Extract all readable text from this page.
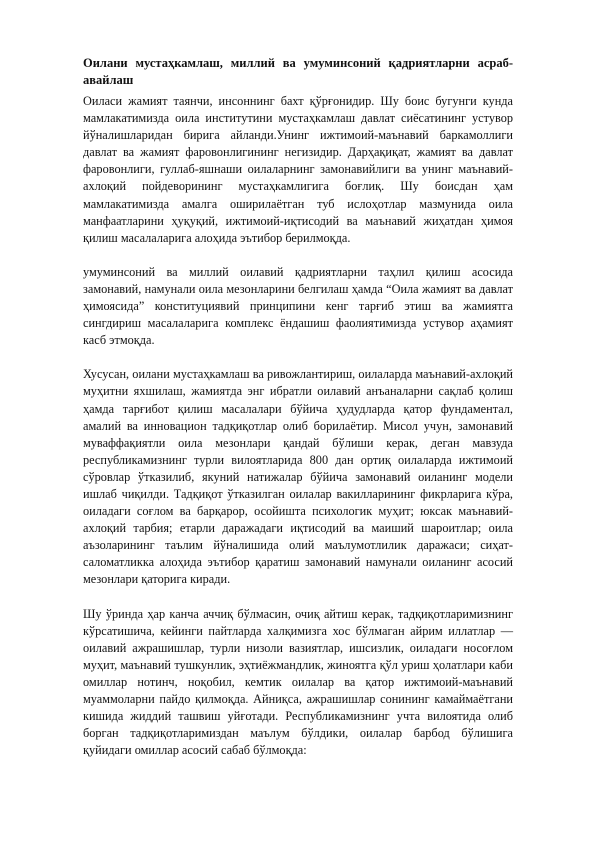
Оилани мустаҳкамлаш, миллий ва умуминсоний қадриятларни асраб-авайлаш

Оиласи жамият таянчи, инсоннинг бахт қўрғонидир. Шу боис бугунги кунда мамлакатимизда оила институтини мустаҳкамлаш давлат сиёсатининг устувор йўналишларидан бирига айланди.Унинг ижтимоий-маънавий баркамоллиги давлат ва жамият фаровонлигининг негизидир. Дарҳақиқат, жамият ва давлат фаровонлиги, гуллаб-яшнаши оилаларнинг замонавийлиги ва унинг маънавий-ахлоқий пойдеворининг мустаҳкамлигига боғлиқ. Шу боисдан ҳам мамлакатимизда амалга оширилаётган туб ислоҳотлар мазмунида оила манфаатларини ҳуқуқий, ижтимоий-иқтисодий ва маънавий жиҳатдан ҳимоя қилиш масалаларига алоҳида эътибор берилмоқда.

умуминсоний ва миллий оилавий қадриятларни таҳлил қилиш асосида замонавий, намунали оила мезонларини белгилаш ҳамда “Оила жамият ва давлат ҳимоясида” конституциявий принципини кенг тарғиб этиш ва жамиятга сингдириш масалаларига комплекс ёндашиш фаолиятимизда устувор аҳамият касб этмоқда.

Хусусан, оилани мустаҳкамлаш ва ривожлантириш, оилаларда маънавий-ахлоқий муҳитни яхшилаш, жамиятда энг ибратли оилавий анъаналарни сақлаб қолиш ҳамда тарғибот қилиш масалалари бўйича ҳудудларда қатор фундаментал, амалий ва инновацион тадқиқотлар олиб борилаётир. Мисол учун, замонавий муваффақиятли оила мезонлари қандай бўлиши керак, деган мавзуда республикамизнинг турли вилоятларида 800 дан ортиқ оилаларда ижтимоий сўровлар ўтказилиб, якуний натижалар бўйича замонавий оиланинг модели ишлаб чиқилди. Тадқиқот ўтказилган оилалар вакилларининг фикрларига кўра, оиладаги соғлом ва барқарор, осойишта психологик муҳит; юксак маънавий-ахлоқий тарбия; етарли даражадаги иқтисодий ва маиший шароитлар; оила аъзоларининг таълим йўналишида олий маълумотлилик даражаси; сиҳат-саломатликка алоҳида эътибор қаратиш замонавий намунали оиланинг асосий мезонлари қаторига киради.

Шу ўринда ҳар канча аччиқ бўлмасин, очиқ айтиш керак, тадқиқотларимизнинг кўрсатишича, кейинги пайтларда халқимизга хос бўлмаган айрим иллатлар — оилавий ажрашишлар, турли низоли вазиятлар, ишсизлик, оиладаги носоғлом муҳит, маънавий тушкунлик, эҳтиёжмандлик, жиноятга қўл уриш ҳолатлари каби омиллар нотинч, ноқобил, кемтик оилалар ва қатор ижтимоий-маънавий муаммоларни пайдо қилмоқда. Айниқса, ажрашишлар сонининг камаймаётгани кишида жиддий ташвиш уйғотади. Республикамизнинг учта вилоятида олиб борган тадқиқотларимиздан маълум бўлдики, оилалар барбод бўлишига қуйидаги омиллар асосий сабаб бўлмоқда:
